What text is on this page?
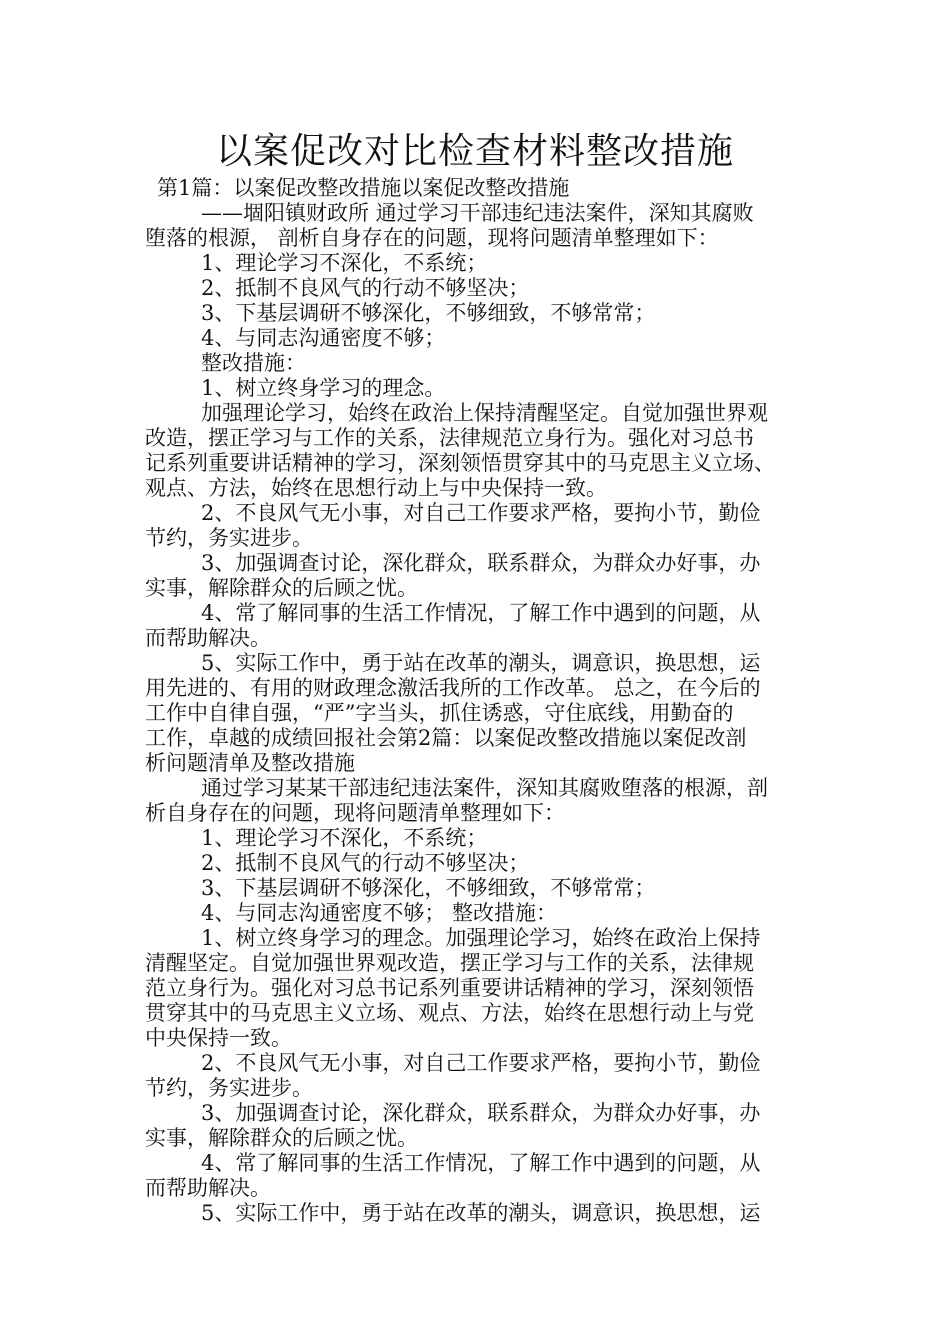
以案促改对比检查材料整改措施
第1篇：以案促改整改措施以案促改整改措施
——堌阳镇财政所 通过学习干部违纪违法案件，深知其腐败
堕落的根源， 剖析自身存在的问题，现将问题清单整理如下：
1、理论学习不深化，不系统；
2、抵制不良风气的行动不够坚决；
3、下基层调研不够深化，不够细致，不够常常；
4、与同志沟通密度不够；
整改措施：
1、树立终身学习的理念。
加强理论学习，始终在政治上保持清醒坚定。自觉加强世界观
改造，摆正学习与工作的关系，法律规范立身行为。强化对习总书
记系列重要讲话精神的学习，深刻领悟贯穿其中的马克思主义立场、
观点、方法，始终在思想行动上与中央保持一致。
2、不良风气无小事，对自己工作要求严格，要拘小节，勤俭
节约，务实进步。
3、加强调查讨论，深化群众，联系群众，为群众办好事，办
实事，解除群众的后顾之忧。
4、常了解同事的生活工作情况，了解工作中遇到的问题，从
而帮助解决。
5、实际工作中，勇于站在改革的潮头，调意识，换思想，运
用先进的、有用的财政理念激活我所的工作改革。 总之，在今后的
工作中自律自强，“严”字当头，抓住诱惑，守住底线，用勤奋的
工作，卓越的成绩回报社会第2篇：以案促改整改措施以案促改剖
析问题清单及整改措施
通过学习某某干部违纪违法案件，深知其腐败堕落的根源，剖
析自身存在的问题，现将问题清单整理如下：
1、理论学习不深化，不系统；
2、抵制不良风气的行动不够坚决；
3、下基层调研不够深化，不够细致，不够常常；
4、与同志沟通密度不够； 整改措施：
1、树立终身学习的理念。加强理论学习，始终在政治上保持
清醒坚定。自觉加强世界观改造，摆正学习与工作的关系，法律规
范立身行为。强化对习总书记系列重要讲话精神的学习，深刻领悟
贯穿其中的马克思主义立场、观点、方法，始终在思想行动上与党
中央保持一致。
2、不良风气无小事，对自己工作要求严格，要拘小节，勤俭
节约，务实进步。
3、加强调查讨论，深化群众，联系群众，为群众办好事，办
实事，解除群众的后顾之忧。
4、常了解同事的生活工作情况，了解工作中遇到的问题，从
而帮助解决。
5、实际工作中，勇于站在改革的潮头，调意识，换思想，运
